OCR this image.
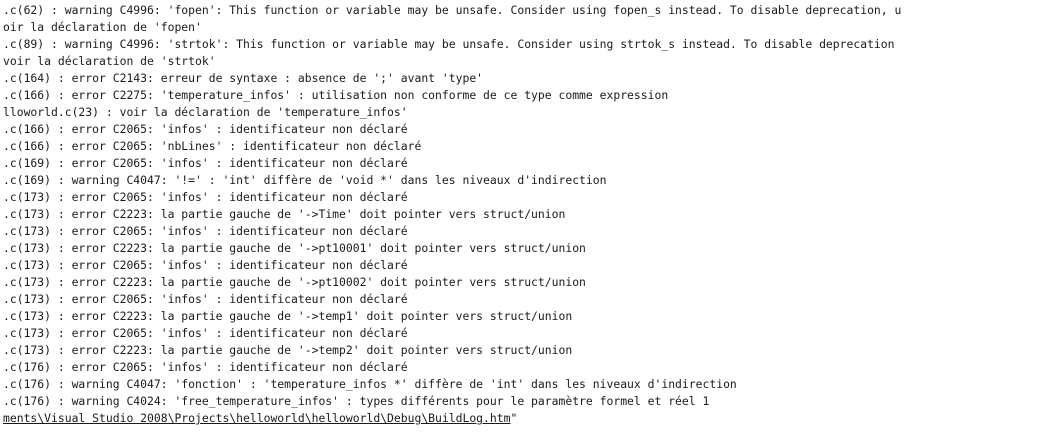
.c(62) : warning C4996: 'fopen': This function or variable may be unsafe. Consider using fopen_s instead. To disable deprecation, u
oir la déclaration de 'fopen'
.c(89) : warning C4996: 'strtok': This function or variable may be unsafe. Consider using strtok_s instead. To disable deprecation
voir la déclaration de 'strtok'
.c(164) : error C2143: erreur de syntaxe : absence de ';' avant 'type'
.c(166) : error C2275: 'temperature_infos' : utilisation non conforme de ce type comme expression
lloworld.c(23) : voir la déclaration de 'temperature_infos'
.c(166) : error C2065: 'infos' : identificateur non déclaré
.c(166) : error C2065: 'nbLines' : identificateur non déclaré
.c(169) : error C2065: 'infos' : identificateur non déclaré
.c(169) : warning C4047: '!=' : 'int' diffère de 'void *' dans les niveaux d'indirection
.c(173) : error C2065: 'infos' : identificateur non déclaré
.c(173) : error C2223: la partie gauche de '->Time' doit pointer vers struct/union
.c(173) : error C2065: 'infos' : identificateur non déclaré
.c(173) : error C2223: la partie gauche de '->pt10001' doit pointer vers struct/union
.c(173) : error C2065: 'infos' : identificateur non déclaré
.c(173) : error C2223: la partie gauche de '->pt10002' doit pointer vers struct/union
.c(173) : error C2065: 'infos' : identificateur non déclaré
.c(173) : error C2223: la partie gauche de '->temp1' doit pointer vers struct/union
.c(173) : error C2065: 'infos' : identificateur non déclaré
.c(173) : error C2223: la partie gauche de '->temp2' doit pointer vers struct/union
.c(176) : error C2065: 'infos' : identificateur non déclaré
.c(176) : warning C4047: 'fonction' : 'temperature_infos *' diffère de 'int' dans les niveaux d'indirection
.c(176) : warning C4024: 'free_temperature_infos' : types différents pour le paramètre formel et réel 1
ments\Visual Studio 2008\Projects\helloworld\helloworld\Debug\BuildLog.htm"
